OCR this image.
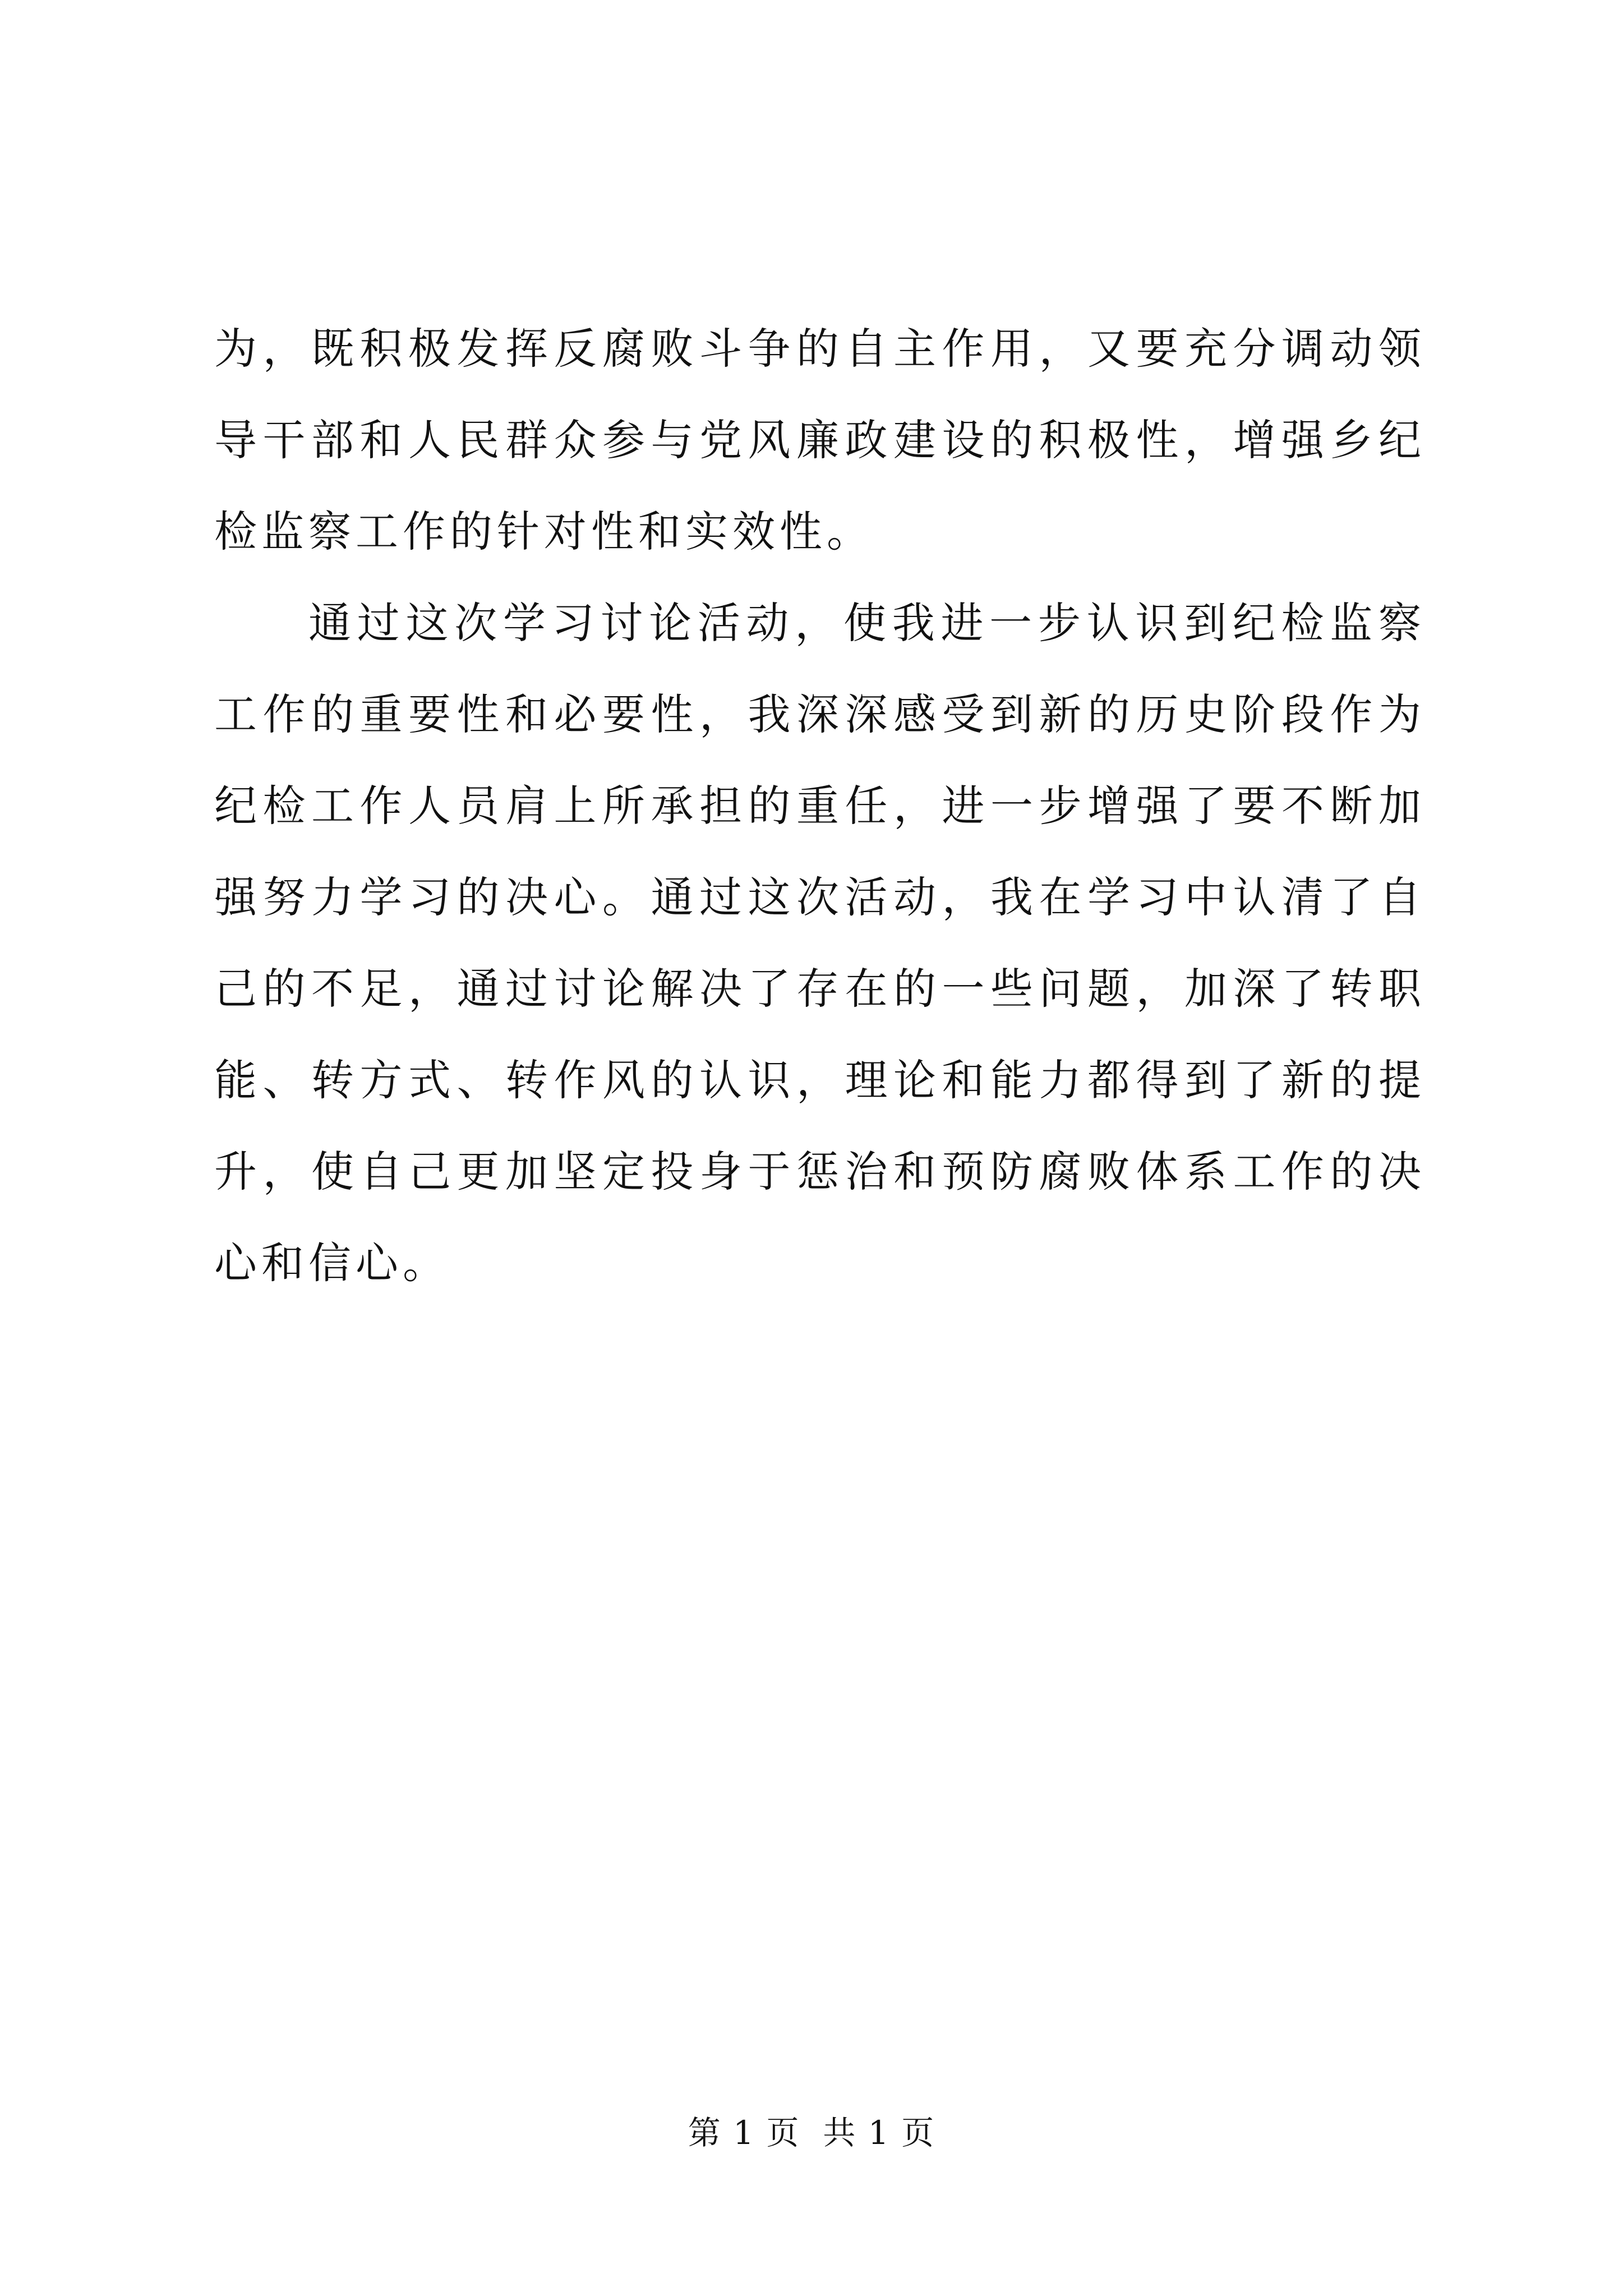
为，既积极发挥反腐败斗争的自主作用，又要充分调动领导干部和人民群众参与党风廉政建设的积极性，增强乡纪检监察工作的针对性和实效性。

通过这次学习讨论活动，使我进一步认识到纪检监察工作的重要性和必要性，我深深感受到新的历史阶段作为纪检工作人员肩上所承担的重任，进一步增强了要不断加强努力学习的决心。通过这次活动，我在学习中认清了自己的不足，通过讨论解决了存在的一些问题，加深了转职能、转方式、转作风的认识，理论和能力都得到了新的提升，使自己更加坚定投身于惩治和预防腐败体系工作的决心和信心。

第 1 页  共 1 页
